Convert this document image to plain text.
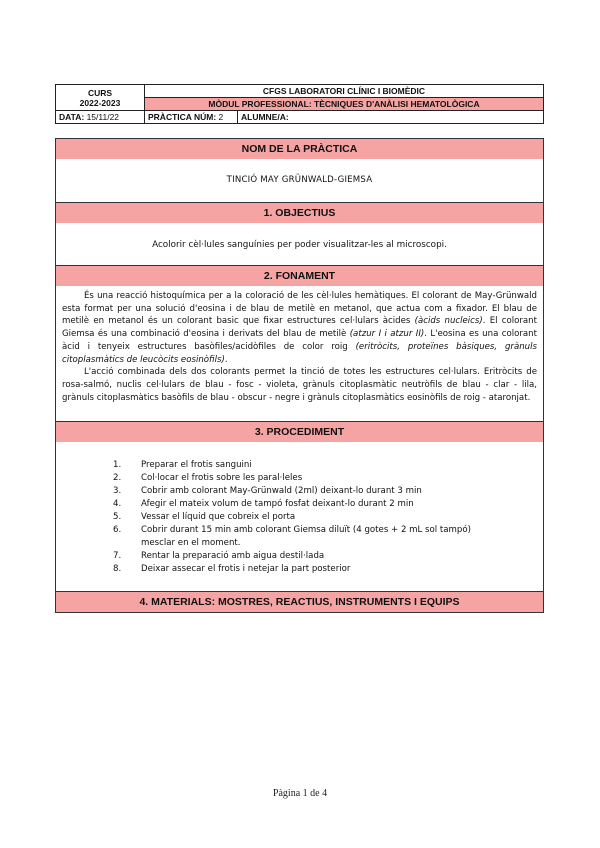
CURS
2022-2023	CFGS LABORATORI CLÍNIC I BIOMÈDIC	
	MÒDUL PROFESSIONAL: TÈCNIQUES D'ANÀLISI HEMATOLÒGICA	
DATA: 15/11/22	PRÀCTICA NÚM: 2	ALUMNE/A:
NOM DE LA PRÀCTICA
TINCIÓ MAY GRÜNWALD-GIEMSA
1. OBJECTIUS
Acolorir cèl·lules sanguínies per poder visualitzar-les al microscopi.
2. FONAMENT

És una reacció histoquímica per a la coloració de les cèl·lules hemàtiques. El colorant de May-Grünwald esta format per una solució d'eosina i de blau de metilè en metanol, que actua com a fixador. El blau de metilè en metanol és un colorant basic que fixar estructures cel·lulars àcides (àcids nucleics). El colorant Giemsa és una combinació d'eosina i derivats del blau de metilè (atzur I i atzur II). L'eosina es una colorant àcid i tenyeix estructures basòfiles/acidòfiles de color roig (eritròcits, proteïnes bàsiques, grànuls citoplasmàtics de leucòcits eosinòfils).

L'acció combinada dels dos colorants permet la tinció de totes les estructures cel·lulars. Eritròcits de rosa-salmó, nuclis cel·lulars de blau - fosc - violeta, grànuls citoplasmàtic neutròfils de blau - clar - lila, grànuls citoplasmàtics basòfils de blau - obscur - negre i grànuls citoplasmàtics eosinòfils de roig - ataronjat.

3. PROCEDIMENT
1.	Preparar el frotis sanguini
2.	Col·locar el frotis sobre les paral·leles
3.	Cobrir amb colorant May-Grünwald (2ml) deixant-lo durant 3 min
4.	Afegir el mateix volum de tampó fosfat deixant-lo durant 2 min
5.	Vessar el líquid que cobreix el porta
6.	Cobrir durant 15 min amb colorant Giemsa diluït (4 gotes + 2 mL sol tampó) mesclar en el moment.
7.	Rentar la preparació amb aigua destil·lada
8.	Deixar assecar el frotis i netejar la part posterior
4. MATERIALS: MOSTRES, REACTIUS, INSTRUMENTS I EQUIPS
Pàgina 1 de 4
